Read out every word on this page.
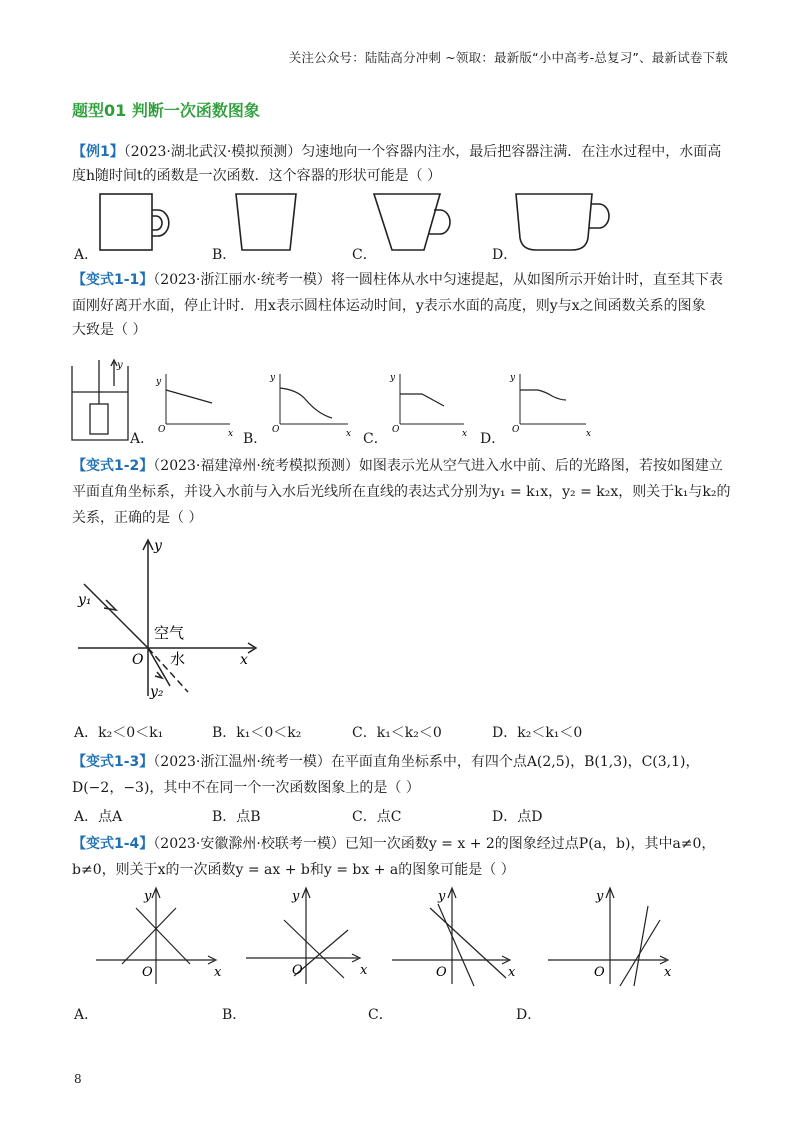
关注公众号：陆陆高分冲刺 ~领取：最新版“小中高考-总复习”、最新试卷下载
题型01 判断一次函数图象
【例1】（2023·湖北武汉·模拟预测）匀速地向一个容器内注水，最后把容器注满．在注水过程中，水面高
度h随时间t的函数是一次函数．这个容器的形状可能是（ ）
A．	B．	C．	D．
【变式1-1】（2023·浙江丽水·统考一模）将一圆柱体从水中匀速提起，从如图所示开始计时，直至其下表
面刚好离开水面，停止计时．用x表示圆柱体运动时间，y表示水面的高度，则y与x之间函数关系的图象
大致是（ ）
y
y
O	x
y
O	x
y
O	x
y
O	x
A．	B．	C．	D．
【变式1-2】（2023·福建漳州·统考模拟预测）如图表示光从空气进入水中前、后的光路图，若按如图建立
平面直角坐标系，并设入水前与入水后光线所在直线的表达式分别为y₁ = k₁x，y₂ = k₂x，则关于k₁与k₂的
关系，正确的是（ ）
y
x
O
y₁
y₂
空气
水
A．k₂＜0＜k₁	B．k₁＜0＜k₂	C．k₁＜k₂＜0	D．k₂＜k₁＜0
【变式1-3】（2023·浙江温州·统考一模）在平面直角坐标系中，有四个点A(2,5)，B(1,3)，C(3,1)，
D(−2，−3)，其中不在同一个一次函数图象上的是（ ）
A．点A	B．点B	C．点C	D．点D
【变式1-4】（2023·安徽滁州·校联考一模）已知一次函数y = x + 2的图象经过点P(a，b)，其中a≠0，
b≠0，则关于x的一次函数y = ax + b和y = bx + a的图象可能是（ ）
y
x
O
y
x
O
y
x
O
y
x
O
A．	B．	C．	D．
8
